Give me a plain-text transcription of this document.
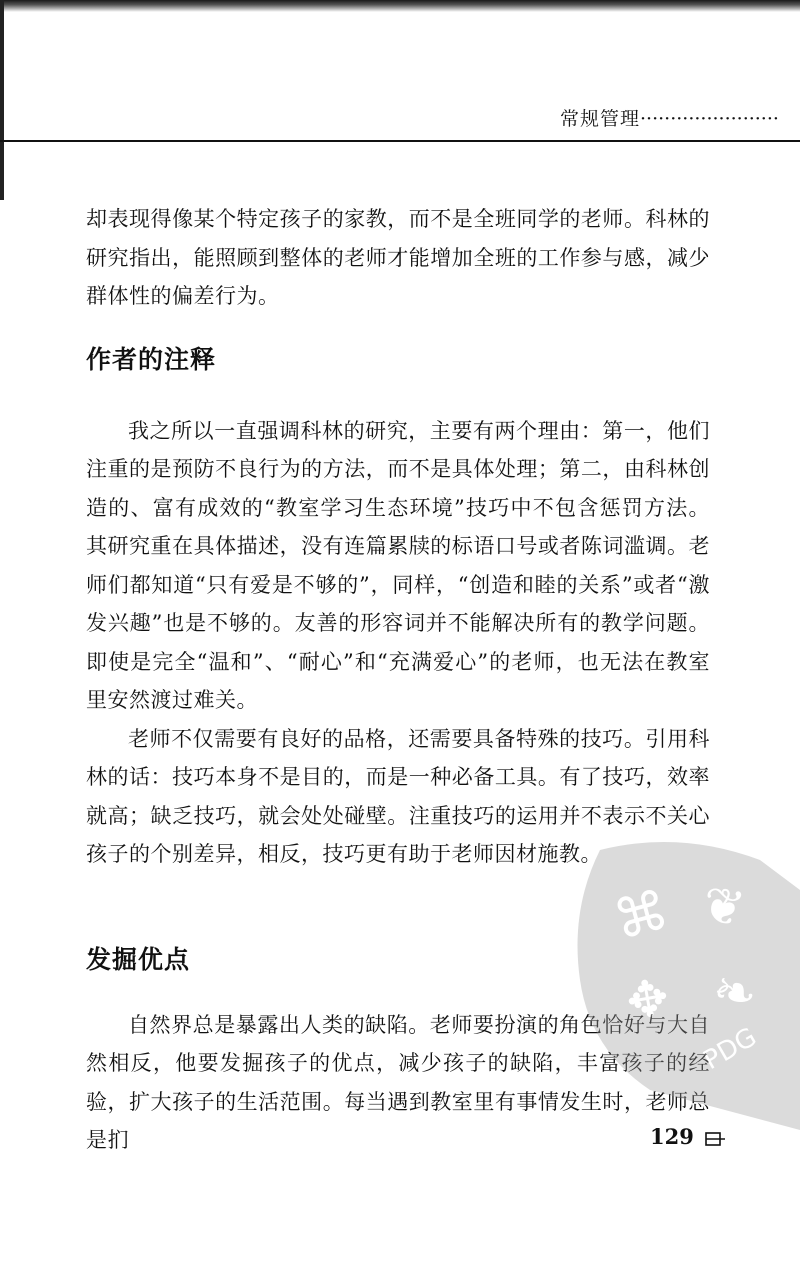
常规管理·······················

却表现得像某个特定孩子的家教，而不是全班同学的老师。科林的研究指出，能照顾到整体的老师才能增加全班的工作参与感，减少群体性的偏差行为。

作者的注释

我之所以一直强调科林的研究，主要有两个理由：第一，他们注重的是预防不良行为的方法，而不是具体处理；第二，由科林创造的、富有成效的“教室学习生态环境”技巧中不包含惩罚方法。其研究重在具体描述，没有连篇累牍的标语口号或者陈词滥调。老师们都知道“只有爱是不够的”，同样，“创造和睦的关系”或者“激发兴趣”也是不够的。友善的形容词并不能解决所有的教学问题。即使是完全“温和”、“耐心”和“充满爱心”的老师，也无法在教室里安然渡过难关。

老师不仅需要有良好的品格，还需要具备特殊的技巧。引用科林的话：技巧本身不是目的，而是一种必备工具。有了技巧，效率就高；缺乏技巧，就会处处碰壁。注重技巧的运用并不表示不关心孩子的个别差异，相反，技巧更有助于老师因材施教。

发掘优点

自然界总是暴露出人类的缺陷。老师要扮演的角色恰好与大自然相反，他要发掘孩子的优点，减少孩子的缺陷，丰富孩子的经验，扩大孩子的生活范围。每当遇到教室里有事情发生时，老师总是扪

⌘ ❦
✥ ❧
PDG
129
